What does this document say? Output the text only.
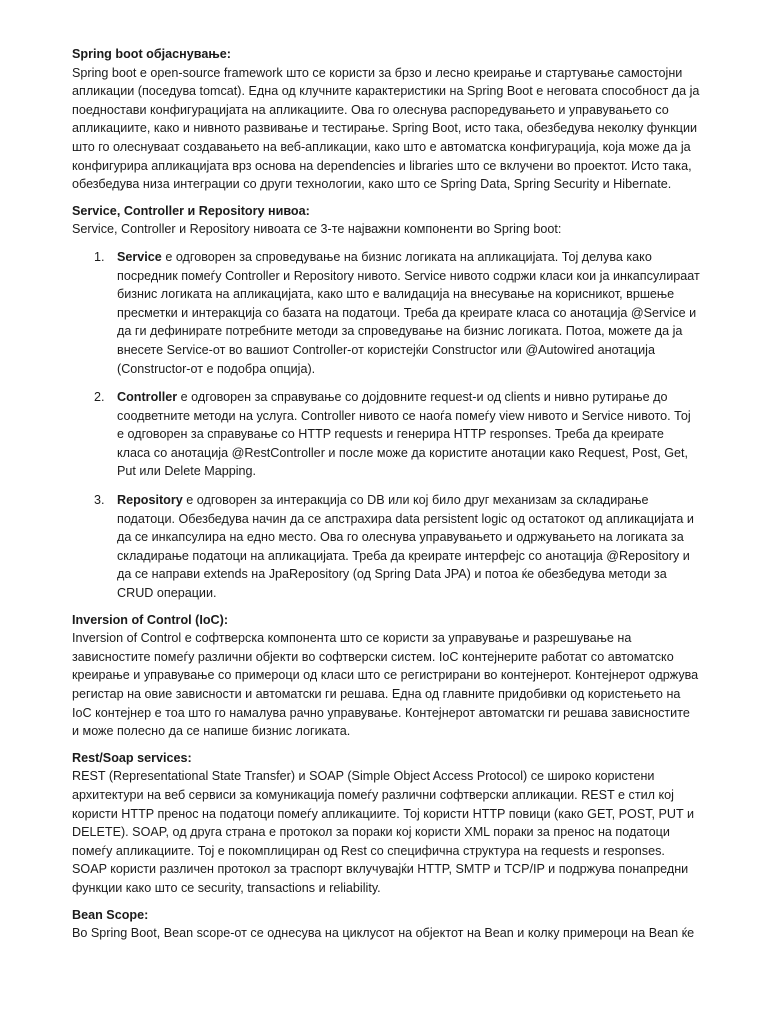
Spring boot објаснување:

Spring boot е open-source framework што се користи за брзо и лесно креирање и стартување самостојни апликации (поседува tomcat). Една од клучните карактеристики на Spring Boot е неговата способност да ја поедностави конфигурацијата на апликациите. Ова го олеснува распоредувањето и управувањето со апликациите, како и нивното развивање и тестирање. Spring Boot, исто така, обезбедува неколку функции што го олеснуваат создавањето на веб-апликации, како што е автоматска конфигурација, која може да ја конфигурира апликацијата врз основа на dependencies и libraries што се вклучени во проектот. Исто така, обезбедува низа интеграции со други технологии, како што се Spring Data, Spring Security и Hibernate.

Service, Controller и Repository нивоа:

Service, Controller и Repository нивоата се 3-те најважни компоненти во Spring boot:

1. Service е одговорен за спроведување на бизнис логиката на апликацијата. Тој делува како посредник помеѓу Controller и Repository нивото. Service нивото содржи класи кои ја инкапсулираат бизнис логиката на апликацијата, како што е валидација на внесување на корисникот, вршење пресметки и интеракција со базата на податоци. Треба да креирате класа со анотација @Service и да ги дефинирате потребните методи за спроведување на бизнис логиката. Потоа, можете да ја внесете Service-от во вашиот Controller-от користејќи Constructor или @Autowired анотација (Constructor-от е подобра опција).
2. Controller е одговорен за справување со дојдовните request-и од clients и нивно рутирање до соодветните методи на услуга. Controller нивото се наоѓа помеѓу view нивото и Service нивото. Тој е одговорен за справување со HTTP requests и генерира HTTP responses. Треба да креирате класа со анотација @RestController и после може да користите анотации како Request, Post, Get, Put или Delete Mapping.
3. Repository е одговорен за интеракција со DB или кој било друг механизам за складирање податоци. Обезбедува начин да се апстрахира data persistent logic од остатокот од апликацијата и да се инкапсулира на едно место. Ова го олеснува управувањето и одржувањето на логиката за складирање податоци на апликацијата. Треба да креирате интерфејс со анотација @Repository и да се направи extends на JpaRepository (од Spring Data JPA) и потоа ќе обезбедува методи за CRUD операции.

Inversion of Control (IoC):

Inversion of Control е софтверска компонента што се користи за управување и разрешување на зависностите помеѓу различни објекти во софтверски систем. IoC контејнерите работат со автоматско креирање и управување со примероци од класи што се регистрирани во контејнерот. Контејнерот одржува регистар на овие зависности и автоматски ги решава. Една од главните придобивки од користењето на IoC контејнер е тоа што го намалува рачно управување. Контејнерот автоматски ги решава зависностите и може полесно да се напише бизнис логиката.

Rest/Soap services:

REST (Representational State Transfer) и SOAP (Simple Object Access Protocol) се широко користени архитектури на веб сервиси за комуникација помеѓу различни софтверски апликации. REST е стил кој користи HTTP пренос на податоци помеѓу апликациите. Тој користи HTTP повици (како GET, POST, PUT и DELETE). SOAP, од друга страна е протокол за пораки кој користи XML пораки за пренос на податоци помеѓу апликациите. Тој е покомплициран од Rest со специфична структура на requests и responses. SOAP користи различен протокол за траспорт вклучувајќи HTTP, SMTP и TCP/IP и подржува понапредни функции како што се security, transactions и reliability.

Bean Scope:

Во Spring Boot, Bean scope-от се однесува на циклусот на објектот на Bean и колку примероци на Bean ќе
